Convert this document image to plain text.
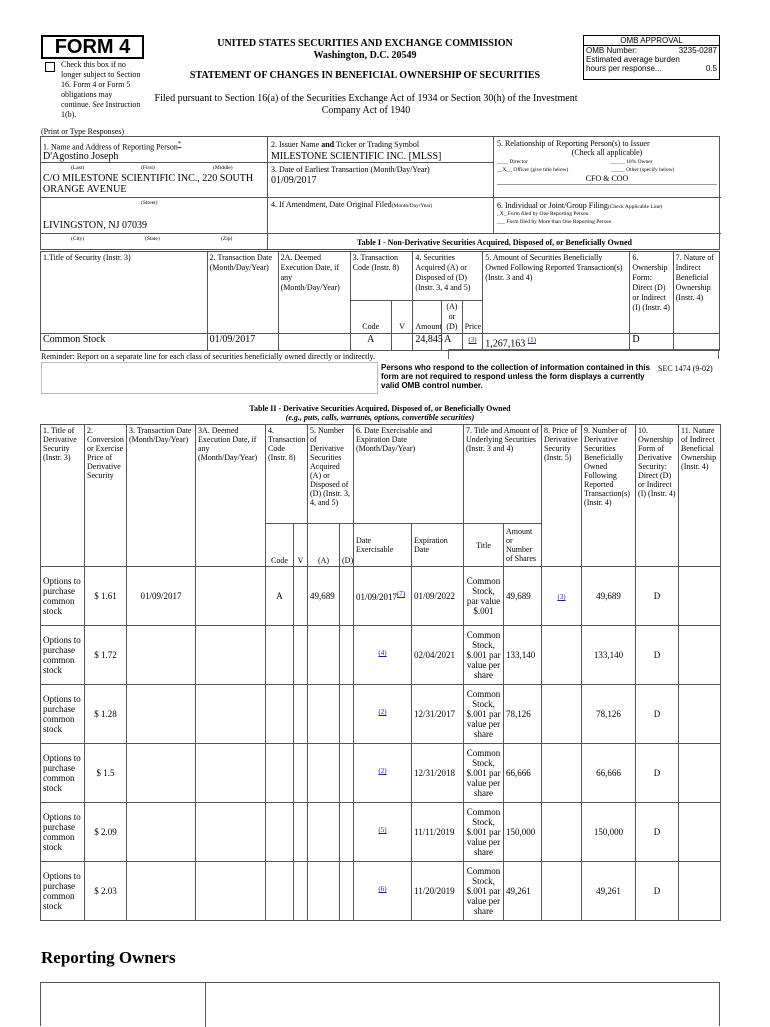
FORM 4
Check this box if no longer subject to Section 16. Form 4 or Form 5 obligations may continue. See Instruction 1(b).
UNITED STATES SECURITIES AND EXCHANGE COMMISSION
Washington, D.C. 20549
STATEMENT OF CHANGES IN BENEFICIAL OWNERSHIP OF SECURITIES
Filed pursuant to Section 16(a) of the Securities Exchange Act of 1934 or Section 30(h) of the Investment Company Act of 1940
OMB APPROVAL
OMB Number:	3235-0287
Estimated average burden
hours per response...	0.5
(Print or Type Responses)
1. Name and Address of Reporting Person*
D'Agostino Joseph
(Last)	(First)	(Middle)
C/O MILESTONE SCIENTIFIC INC., 220 SOUTH ORANGE AVENUE
(Street)
LIVINGSTON, NJ 07039
(City)	(State)	(Zip)
2. Issuer Name and Ticker or Trading Symbol
MILESTONE SCIENTIFIC INC. [MLSS]
3. Date of Earliest Transaction (Month/Day/Year)
01/09/2017
4. If Amendment, Date Original Filed(Month/Day/Year)
5. Relationship of Reporting Person(s) to Issuer
(Check all applicable)
____ Director	_____ 10% Owner
__X__ Officer (give title below)	_____ Other (specify below)
CFO & COO
6. Individual or Joint/Group Filing(Check Applicable Line)
_X_ Form filed by One Reporting Person
___ Form filed by More than One Reporting Person
Table I - Non-Derivative Securities Acquired, Disposed of, or Beneficially Owned
1.Title of Security (Instr. 3)	2. Transaction Date (Month/Day/Year)	2A. Deemed Execution Date, if any (Month/Day/Year)	3. Transaction Code (Instr. 8)		4. Securities Acquired (A) or Disposed of (D) (Instr. 3, 4 and 5)			5. Amount of Securities Beneficially Owned Following Reported Transaction(s) (Instr. 3 and 4)	6. Ownership Form: Direct (D) or Indirect (I) (Instr. 4)	7. Nature of Indirect Beneficial Ownership (Instr. 4)
			Code	V	Amount	(A) or (D)	Price			
Common Stock	01/09/2017		A		24,845	A	(3)	1,267,163 $^{(1)}$	D	
Reminder: Report on a separate line for each class of securities beneficially owned directly or indirectly.
Persons who respond to the collection of information contained in this form are not required to respond unless the form displays a currently valid OMB control number.
SEC 1474 (9-02)
Table II - Derivative Securities Acquired, Disposed of, or Beneficially Owned
(e.g., puts, calls, warrants, options, convertible securities)
1. Title of Derivative Security (Instr. 3)	2. Conversion or Exercise Price of Derivative Security	3. Transaction Date (Month/Day/Year)	3A. Deemed Execution Date, if any (Month/Day/Year)	4. Transaction Code (Instr. 8)		5. Number of Derivative Securities Acquired (A) or Disposed of (D) (Instr. 3, 4, and 5)		6. Date Exercisable and Expiration Date (Month/Day/Year)		7. Title and Amount of Underlying Securities (Instr. 3 and 4)		8. Price of Derivative Security (Instr. 5)	9. Number of Derivative Securities Beneficially Owned Following Reported Transaction(s) (Instr. 4)	10. Ownership Form of Derivative Security: Direct (D) or Indirect (I) (Instr. 4)	11. Nature of Indirect Beneficial Ownership (Instr. 4)
				Code	V	(A)	(D)	Date Exercisable	Expiration Date	Title	Amount or Number of Shares				
Options to purchase common stock	$ 1.61	01/09/2017		A		49,689		01/09/2017$^{(7)}$	01/09/2022	Common Stock, par value $.001	49,689	(3)	49,689	D	
Options to purchase common stock	$ 1.72							$^{(4)}$	02/04/2021	Common Stock, $.001 par value per share	133,140		133,140	D	
Options to purchase common stock	$ 1.28							$^{(2)}$	12/31/2017	Common Stock, $.001 par value per share	78,126		78,126	D	
Options to purchase common stock	$ 1.5							$^{(2)}$	12/31/2018	Common Stock, $.001 par value per share	66,666		66,666	D	
Options to purchase common stock	$ 2.09							$^{(5)}$	11/11/2019	Common Stock, $.001 par value per share	150,000		150,000	D	
Options to purchase common stock	$ 2.03							$^{(6)}$	11/20/2019	Common Stock, $.001 par value per share	49,261		49,261	D	
Reporting Owners
